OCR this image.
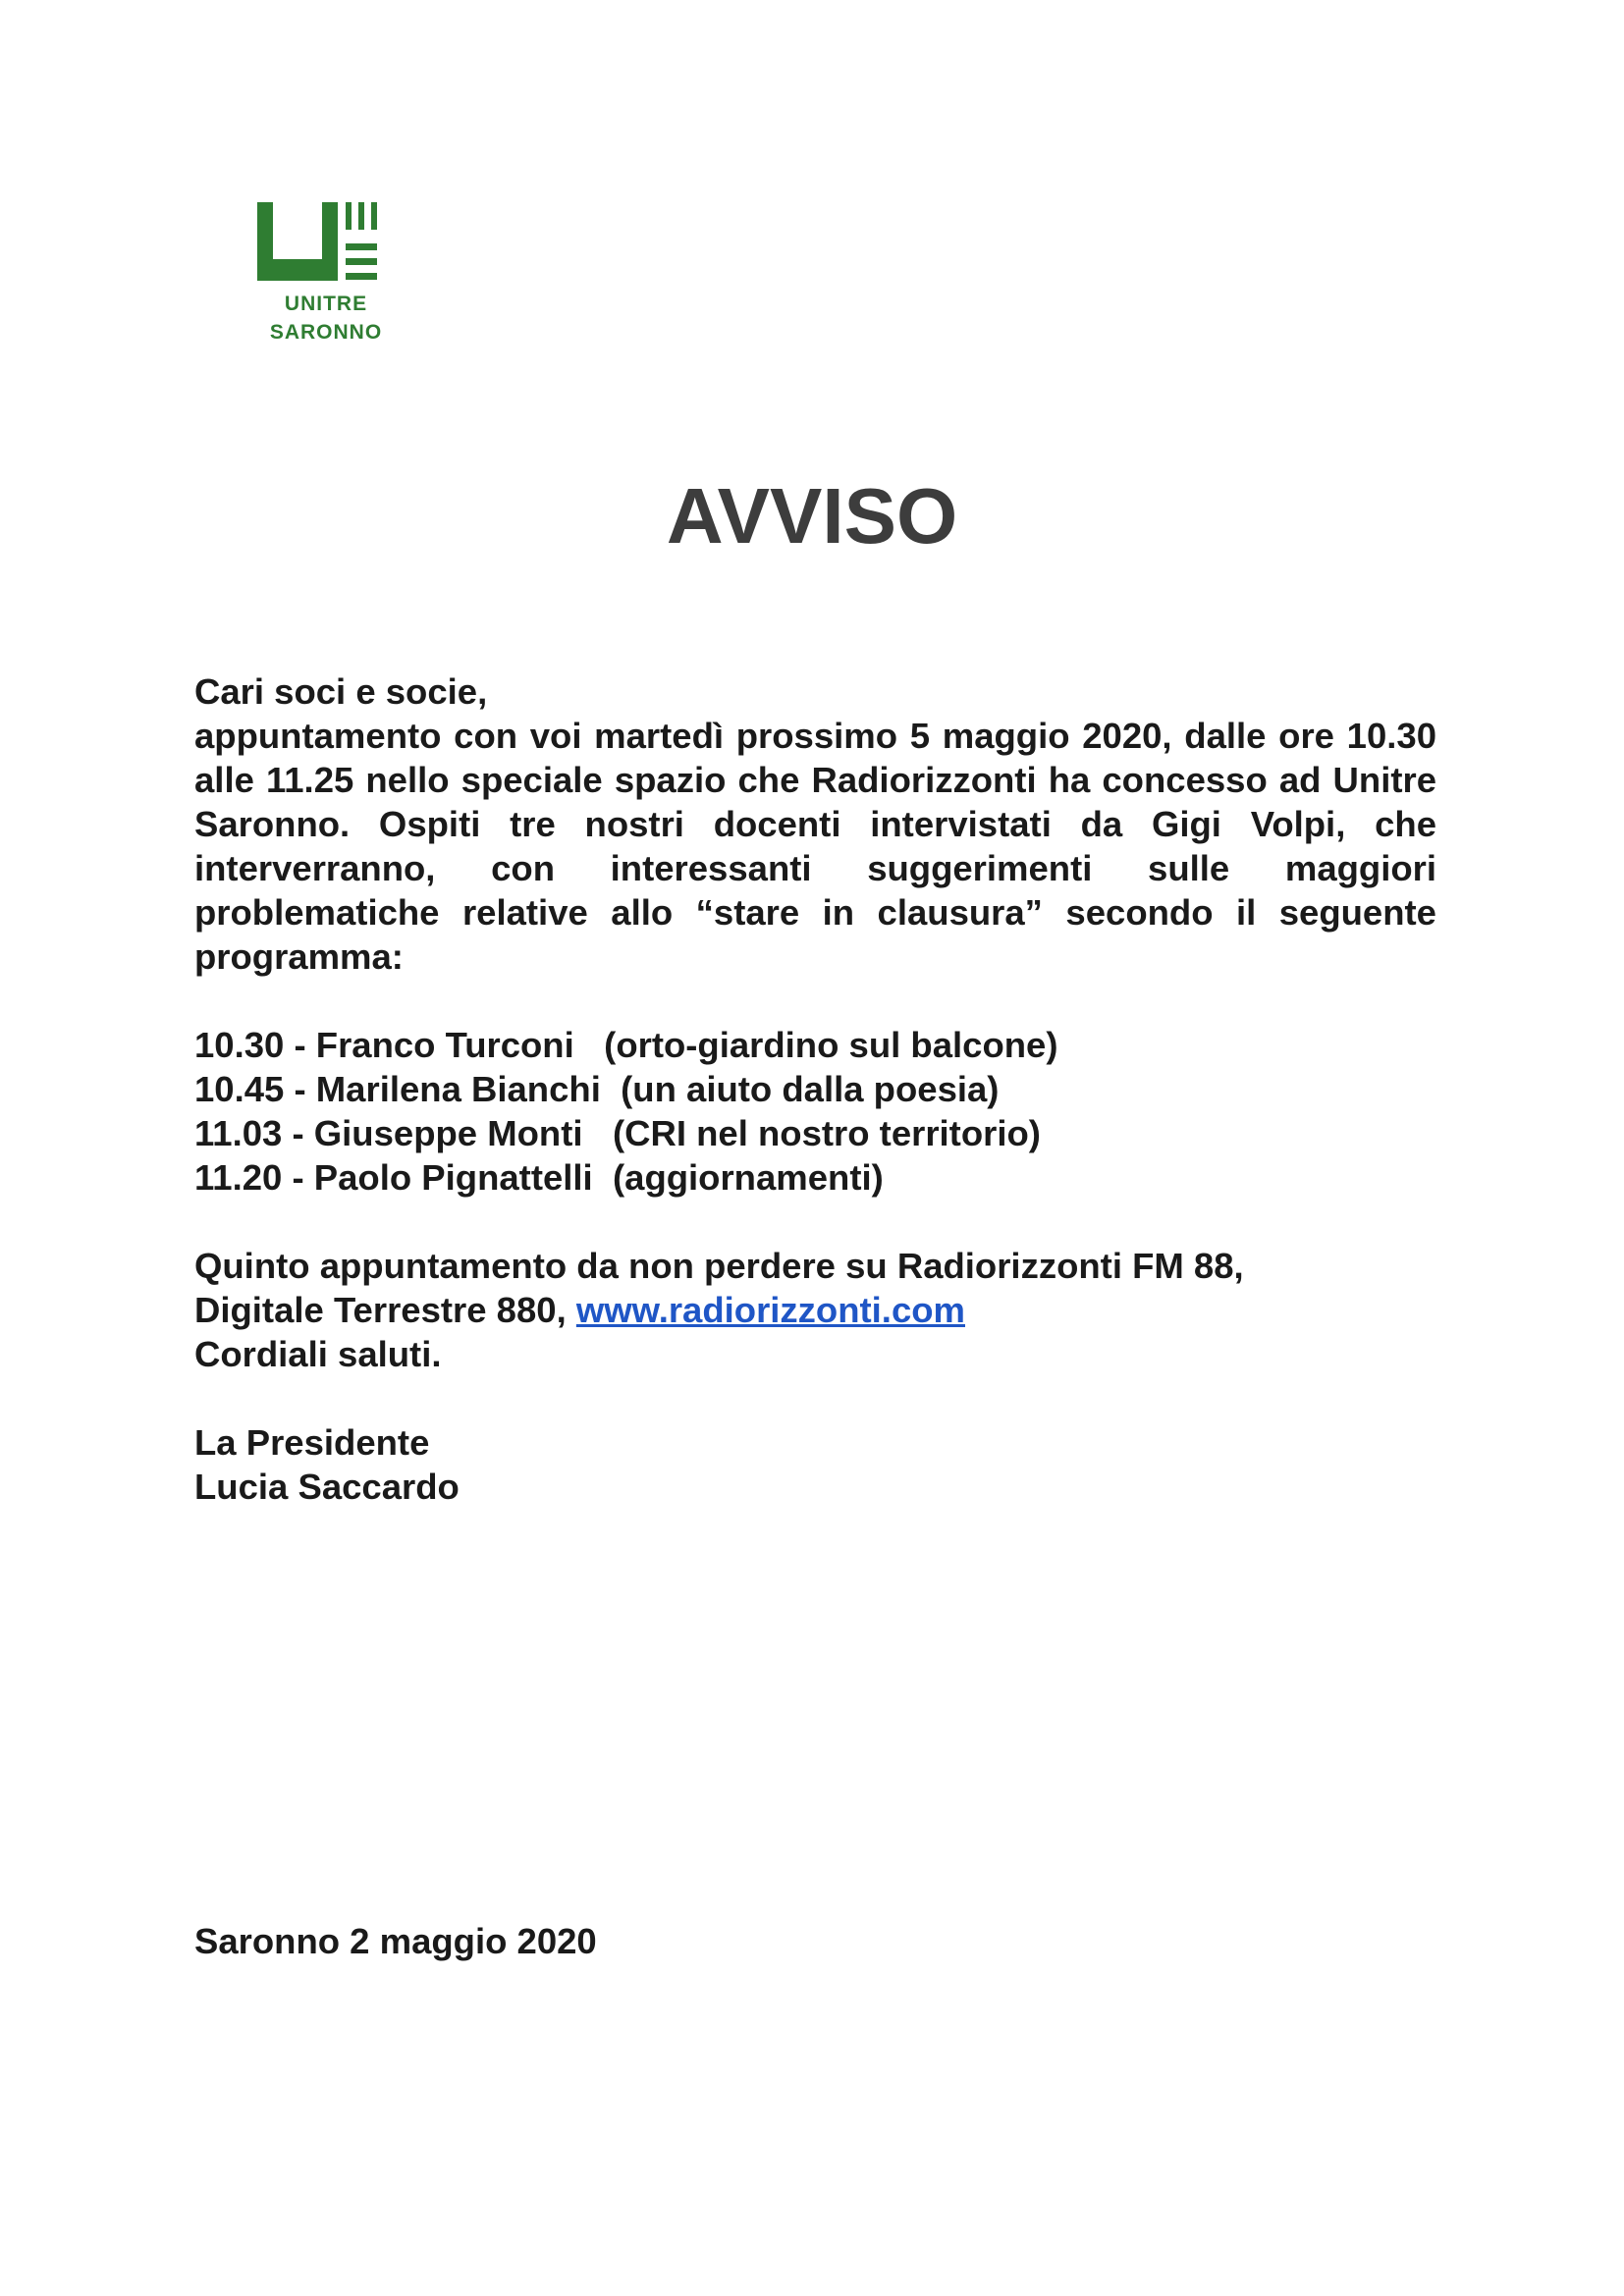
UNITRE
SARONNO
AVVISO

Cari soci e socie,

appuntamento con voi martedì prossimo 5 maggio 2020, dalle ore 10.30 alle 11.25 nello speciale spazio che Radiorizzonti ha concesso ad Unitre Saronno. Ospiti tre nostri docenti intervistati da Gigi Volpi, che interverranno, con interessanti suggerimenti sulle maggiori problematiche relative allo “stare in clausura” secondo il seguente programma:

10.30 - Franco Turconi (orto-giardino sul balcone)

10.45 - Marilena Bianchi (un aiuto dalla poesia)

11.03 - Giuseppe Monti (CRI nel nostro territorio)

11.20 - Paolo Pignattelli (aggiornamenti)

Quinto appuntamento da non perdere su Radiorizzonti FM 88,

Digitale Terrestre 880, www.radiorizzonti.com

Cordiali saluti.

La Presidente

Lucia Saccardo

Saronno 2 maggio 2020
